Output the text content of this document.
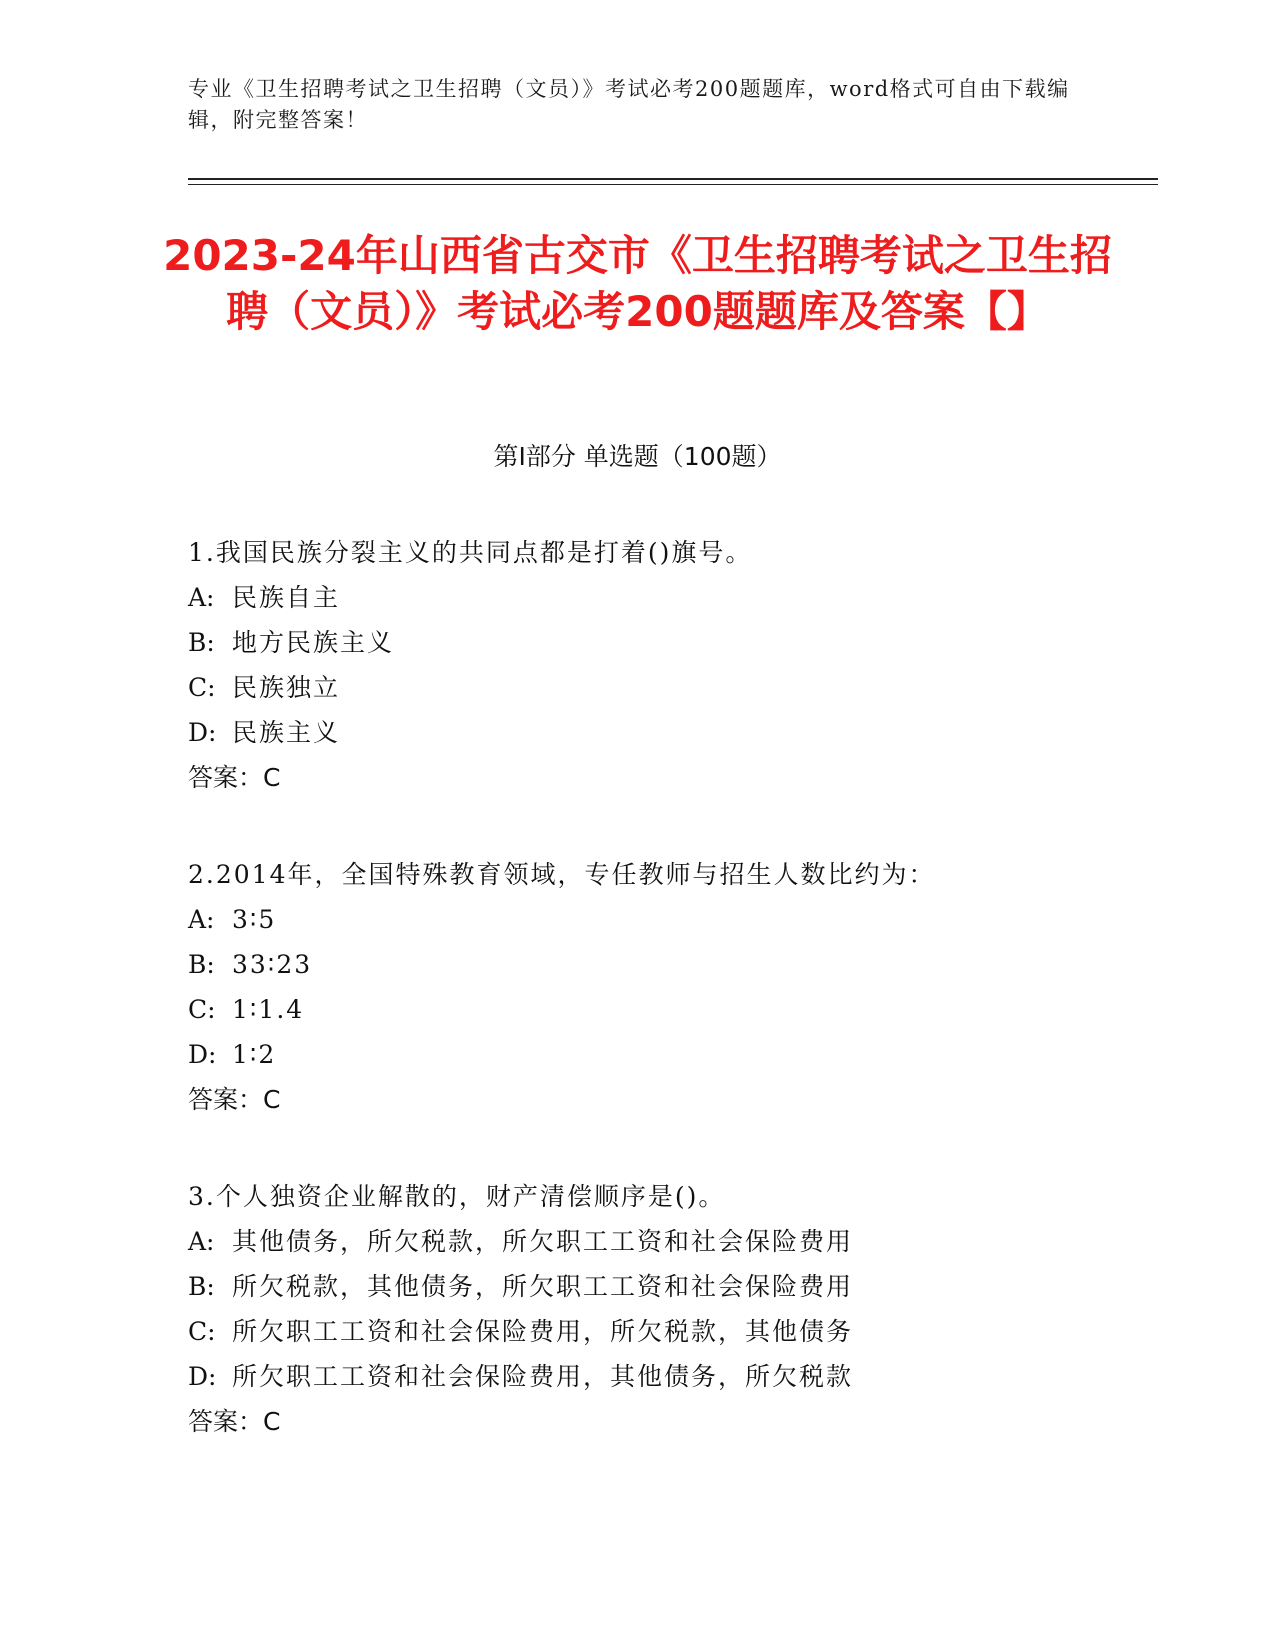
专业《卫生招聘考试之卫生招聘（文员）》考试必考200题题库，word格式可自由下载编辑，附完整答案！
2023-24年山西省古交市《卫生招聘考试之卫生招聘（文员）》考试必考200题题库及答案【】
第I部分 单选题（100题）
1.我国民族分裂主义的共同点都是打着()旗号。
A: 民族自主
B: 地方民族主义
C: 民族独立
D: 民族主义
答案：C
2.2014年，全国特殊教育领域，专任教师与招生人数比约为：
A: 3∶5
B: 33∶23
C: 1∶1.4
D: 1∶2
答案：C
3.个人独资企业解散的，财产清偿顺序是()。
A: 其他债务，所欠税款，所欠职工工资和社会保险费用
B: 所欠税款，其他债务，所欠职工工资和社会保险费用
C: 所欠职工工资和社会保险费用，所欠税款，其他债务
D: 所欠职工工资和社会保险费用，其他债务，所欠税款
答案：C
